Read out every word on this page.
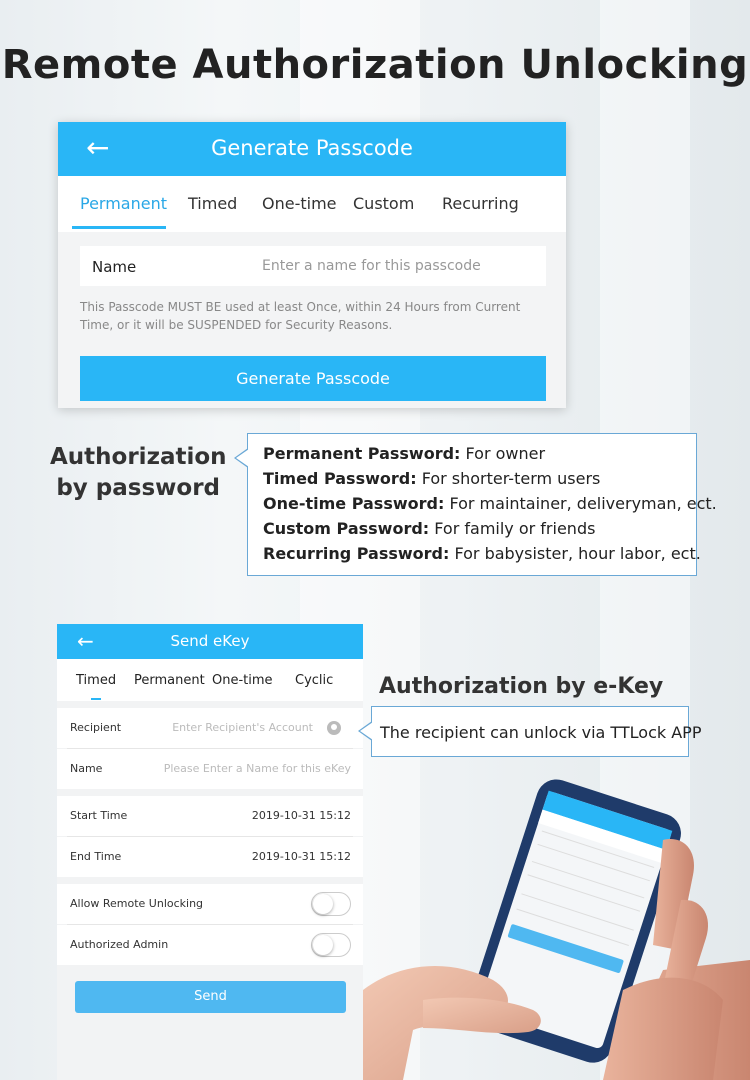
Remote Authorization Unlocking
←	Generate Passcode
Permanent Timed One-time Custom Recurring
Name	Enter a name for this passcode
This Passcode MUST BE used at least Once, within 24 Hours from Current Time, or it will be SUSPENDED for Security Reasons.
Generate Passcode
Authorization
by password
Permanent Password: For owner
Timed Password: For shorter-term users
One-time Password: For maintainer, deliveryman, ect.
Custom Password: For family or friends
Recurring Password: For babysister, hour labor, ect.
←	Send eKey
Timed Permanent One-time Cyclic
Recipient	Enter Recipient's Account
Name	Please Enter a Name for this eKey
Start Time	2019-10-31 15:12
End Time	2019-10-31 15:12
Allow Remote Unlocking
Authorized Admin
Send
Authorization by e-Key
The recipient can unlock via TTLock APP
